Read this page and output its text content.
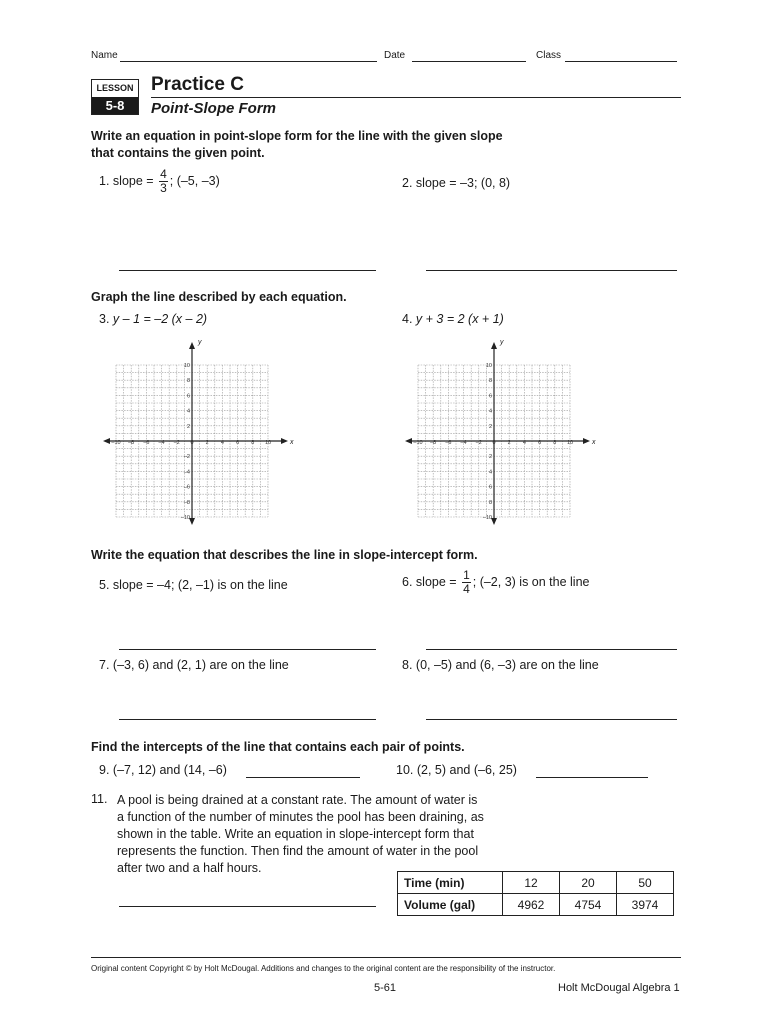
Name	Date	Class
LESSON
5-8
Practice C
Point-Slope Form
Write an equation in point-slope form for the line with the given slope
that contains the given point.
1. slope = $\frac{4}{3}$ ; (–5, –3)	2. slope = –3; (0, 8)
Graph the line described by each equation.
3. y – 1 = –2 (x – 2)	4. y + 3 = 2 (x + 1)
x
y
–10 –8 –6 –4 –2 0 2 4 6 8 10
10
8
6
4
2
–2
–4
–6
–8
–10
x
y
–10 –8 –6 –4 –2 0 2 4 6 8 10
10
8
6
4
2
2
4
6
8
–10
Write the equation that describes the line in slope-intercept form.
5. slope = –4; (2, –1) is on the line	6. slope = $\frac{1}{4}$ ; (–2, 3) is on the line
7. (–3, 6) and (2, 1) are on the line	8. (0, –5) and (6, –3) are on the line
Find the intercepts of the line that contains each pair of points.
9. (–7, 12) and (14, –6)	10. (2, 5) and (–6, 25)
11. A pool is being drained at a constant rate. The amount of water is
a function of the number of minutes the pool has been draining, as
shown in the table. Write an equation in slope-intercept form that
represents the function. Then find the amount of water in the pool
after two and a half hours.
Time (min)	12	20	50
Volume (gal)	4962	4754	3974
Original content Copyright © by Holt McDougal. Additions and changes to the original content are the responsibility of the instructor.
5-61	Holt McDougal Algebra 1
